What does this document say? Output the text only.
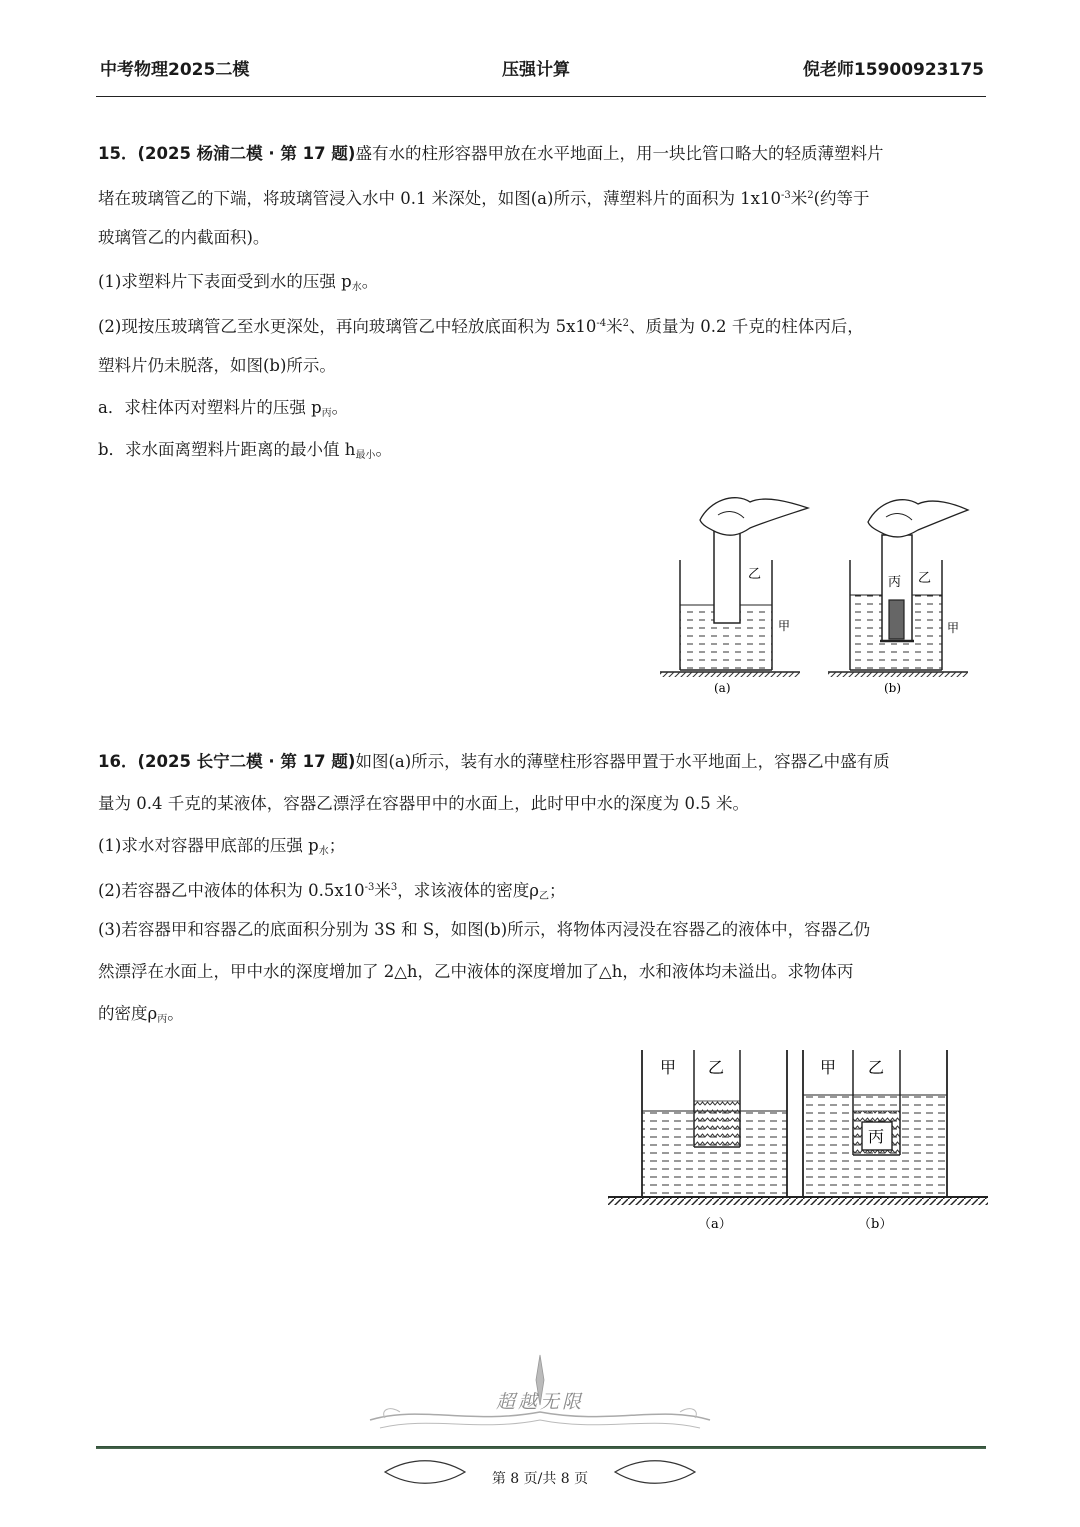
中考物理2025二模	压强计算	倪老师15900923175
15．(2025 杨浦二模 · 第 17 题)盛有水的柱形容器甲放在水平地面上，用一块比管口略大的轻质薄塑料片
堵在玻璃管乙的下端，将玻璃管浸入水中 0.1 米深处，如图(a)所示，薄塑料片的面积为 $1x10^{-3}$米$^2$(约等于
玻璃管乙的内截面积)。
(1)求塑料片下表面受到水的压强 $p_水$。
(2)现按压玻璃管乙至水更深处，再向玻璃管乙中轻放底面积为 $5x10^{-4}$米$^2$、质量为 0.2 千克的柱体丙后，
塑料片仍未脱落，如图(b)所示。
a．求柱体丙对塑料片的压强 $p_丙$。
b．求水面离塑料片距离的最小值 $h_{最小}$。
乙
甲
(a)
丙 乙
甲
(b)
16．(2025 长宁二模 · 第 17 题)如图(a)所示，装有水的薄壁柱形容器甲置于水平地面上，容器乙中盛有质
量为 0.4 千克的某液体，容器乙漂浮在容器甲中的水面上，此时甲中水的深度为 0.5 米。
(1)求水对容器甲底部的压强 $p_水$；
(2)若容器乙中液体的体积为 $0.5x10^{-3}$米$^3$，求该液体的密度$\rho_乙$；
(3)若容器甲和容器乙的底面积分别为 3S 和 S，如图(b)所示，将物体丙浸没在容器乙的液体中，容器乙仍
然漂浮在水面上，甲中水的深度增加了 2△h，乙中液体的深度增加了△h，水和液体均未溢出。求物体丙
的密度$\rho_丙$。
甲 乙
（a）
丙
甲 乙
（b）
超越无限
第 8 页/共 8 页
